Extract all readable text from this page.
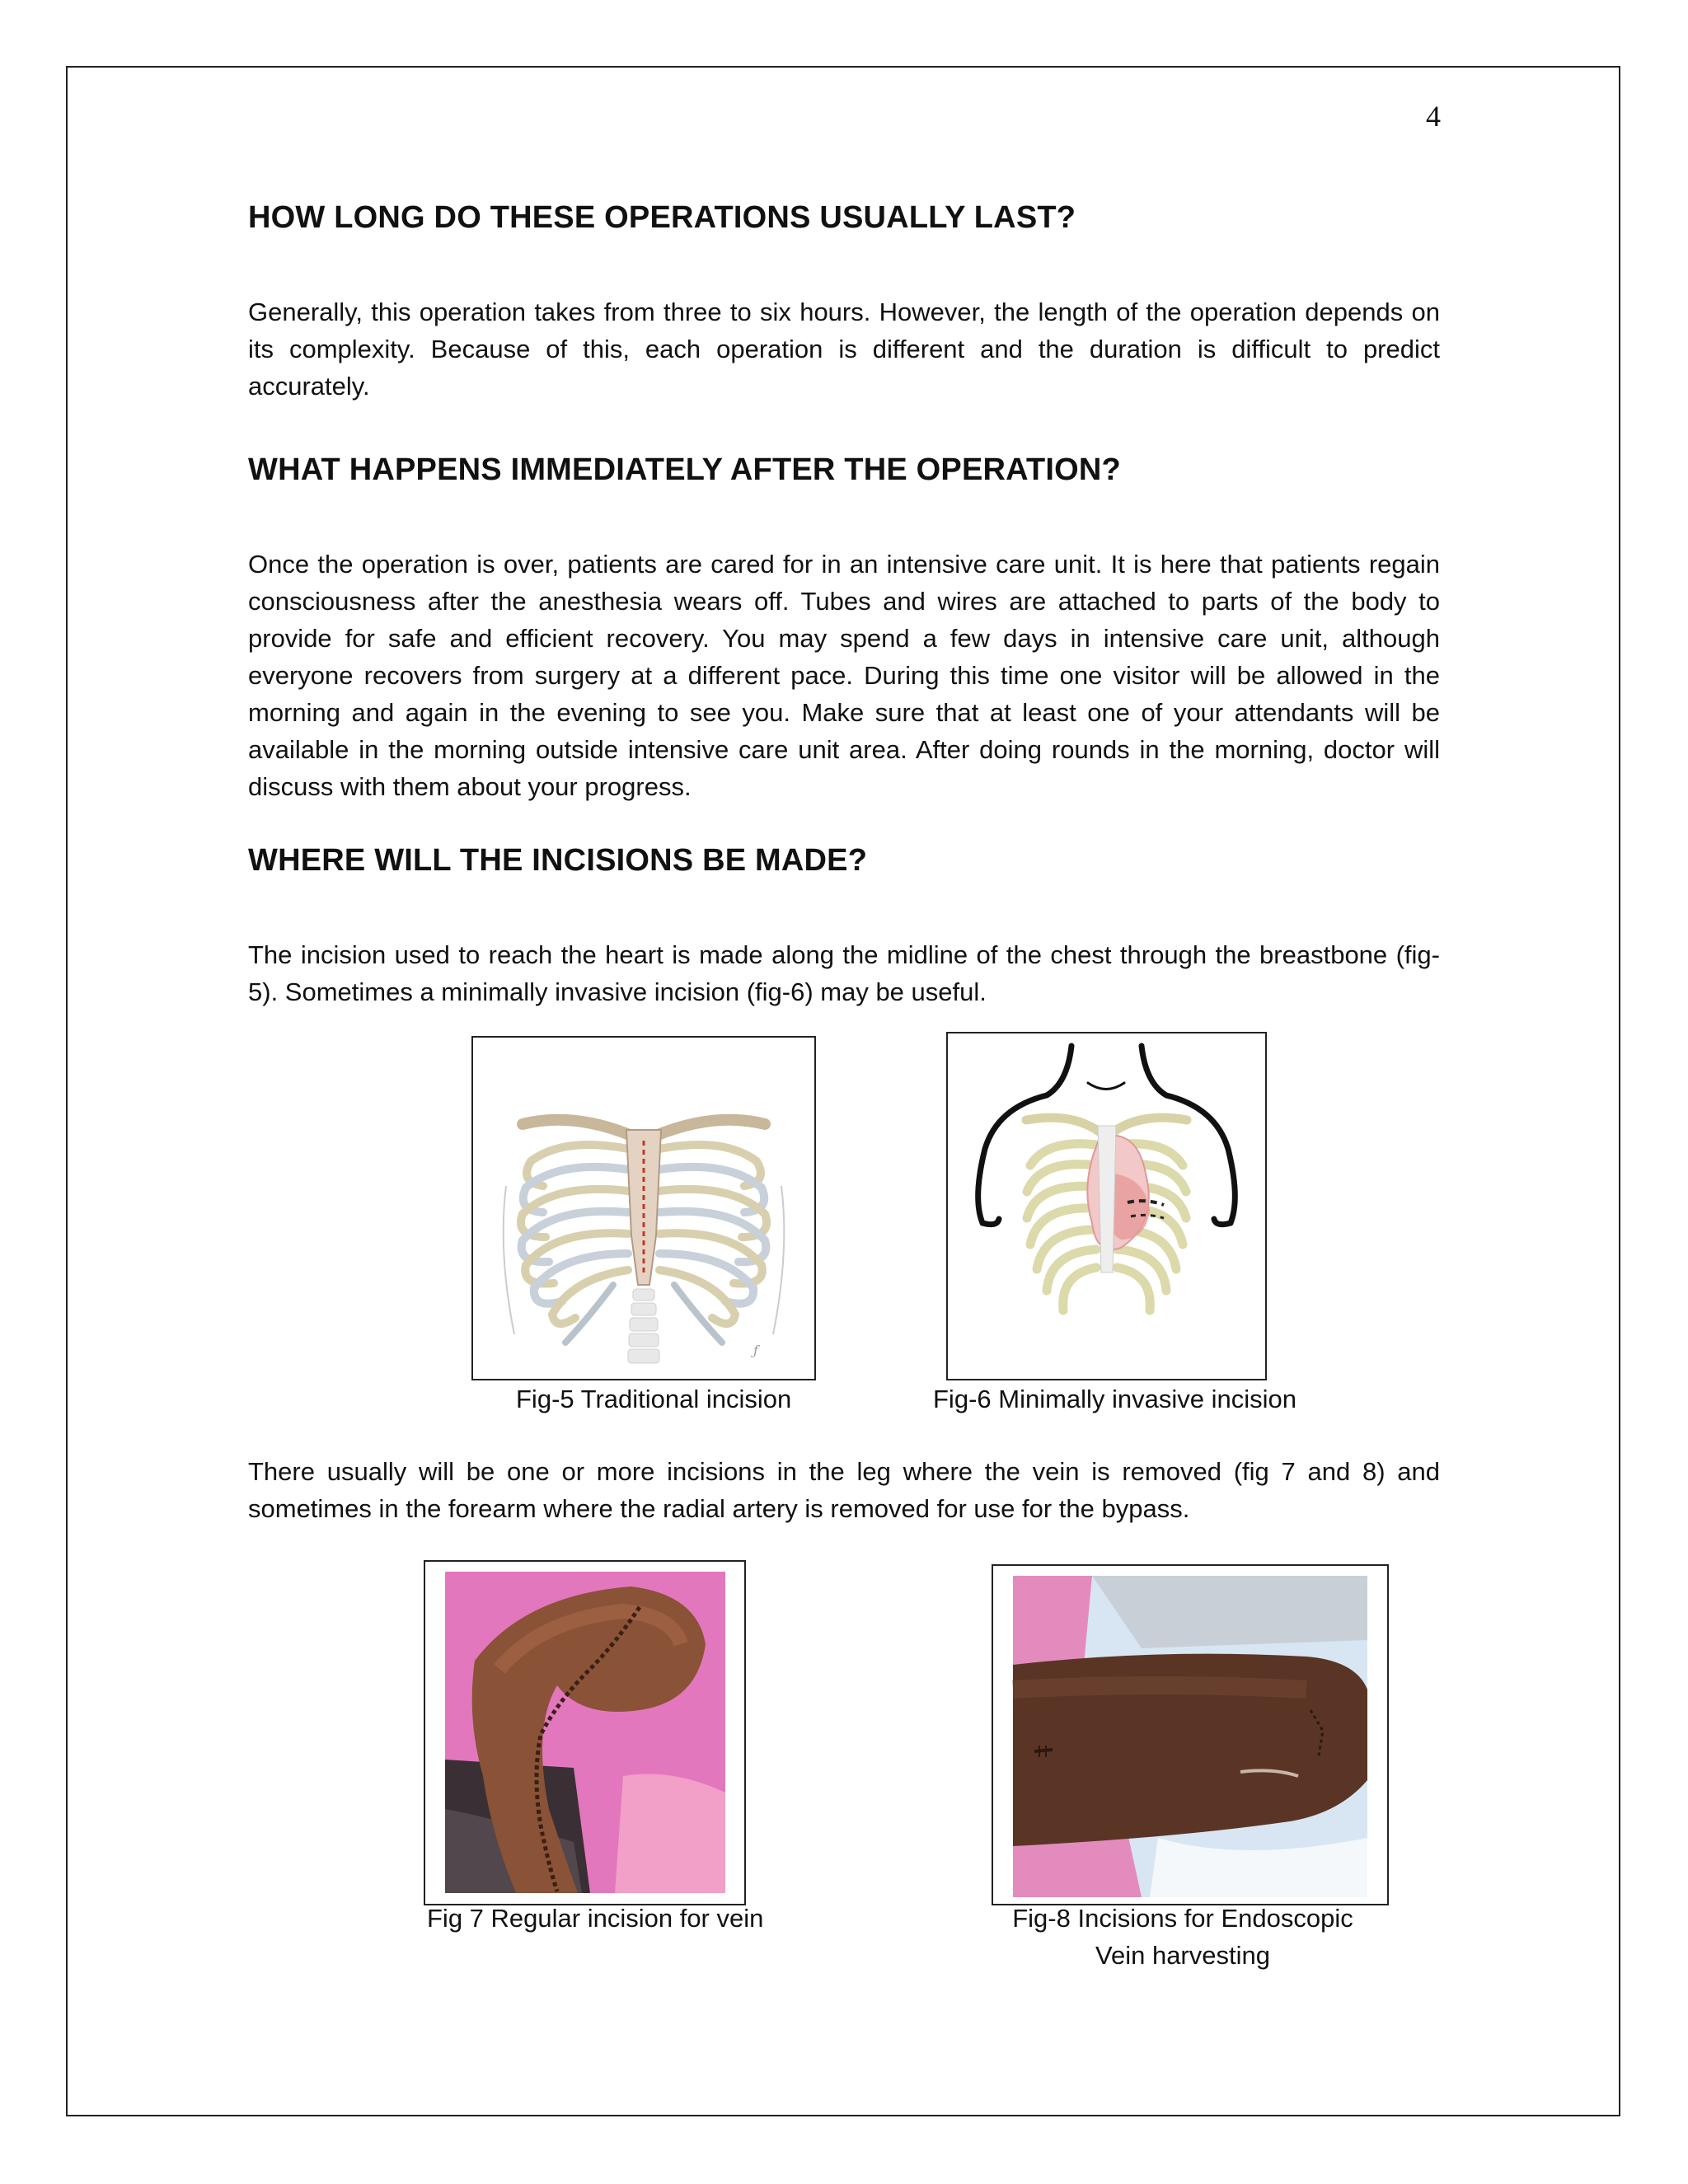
4
HOW LONG DO THESE OPERATIONS USUALLY LAST?

Generally, this operation takes from three to six hours. However, the length of the operation depends on its complexity. Because of this, each operation is different and the duration is difficult to predict accurately.

WHAT HAPPENS IMMEDIATELY AFTER THE OPERATION?

Once the operation is over, patients are cared for in an intensive care unit. It is here that patients regain consciousness after the anesthesia wears off. Tubes and wires are attached to parts of the body to provide for safe and efficient recovery. You may spend a few days in intensive care unit, although everyone recovers from surgery at a different pace. During this time one visitor will be allowed in the morning and again in the evening to see you. Make sure that at least one of your attendants will be available in the morning outside intensive care unit area. After doing rounds in the morning, doctor will discuss with them about your progress.

WHERE WILL THE INCISIONS BE MADE?

The incision used to reach the heart is made along the midline of the chest through the breastbone (fig-5). Sometimes a minimally invasive incision (fig-6) may be useful.

ƒ
Fig-5 Traditional incision	Fig-6 Minimally invasive incision

There usually will be one or more incisions in the leg where the vein is removed (fig 7 and 8) and sometimes in the forearm where the radial artery is removed for use for the bypass.

Fig 7 Regular incision for vein	Fig-8 Incisions for Endoscopic
Vein harvesting
